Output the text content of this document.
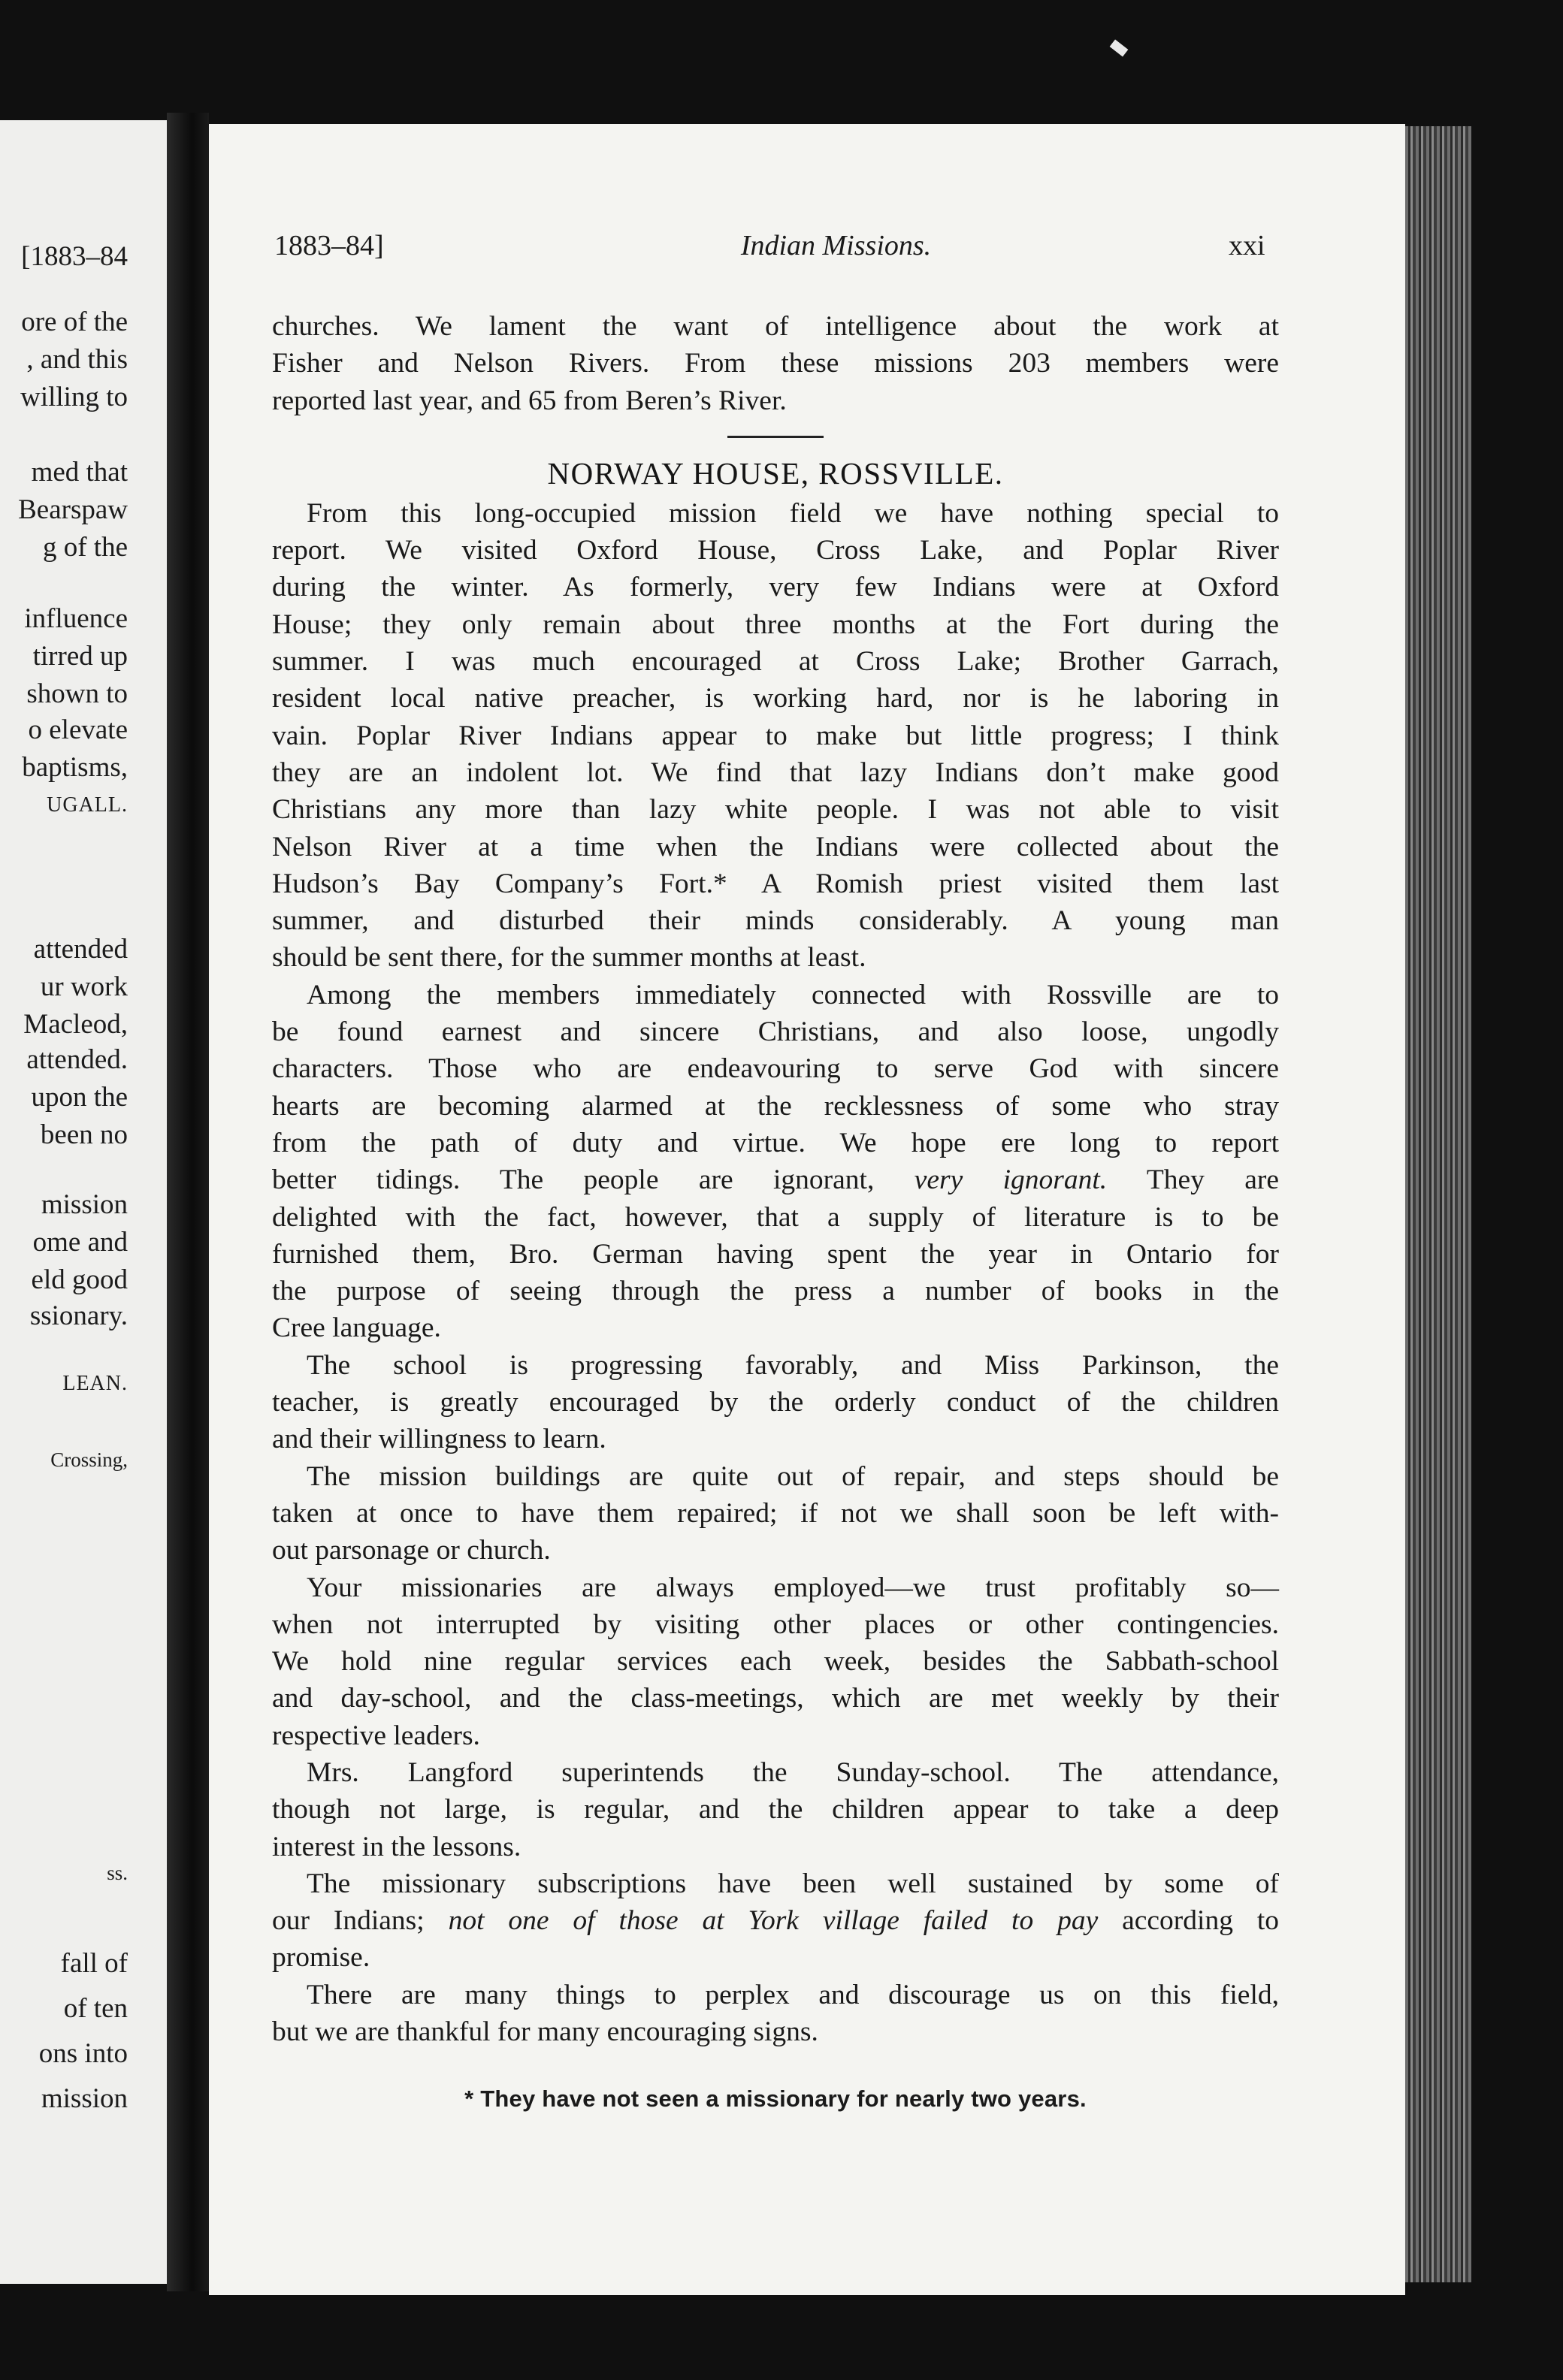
[1883–84
ore of the
, and this
willing to
med that
Bearspaw
g of the
influence
tirred up
shown to
o elevate
baptisms,
UGALL.
attended
ur work
Macleod,
attended.
upon the
been no
mission
ome and
eld good
ssionary.
LEAN.
Crossing,
ss.
fall of
of ten
ons into
mission
1883–84]	Indian Missions.	xxi
churches. We lament the want of intelligence about the work at
Fisher and Nelson Rivers. From these missions 203 members were
reported last year, and 65 from Beren’s River.
NORWAY HOUSE, ROSSVILLE.
From this long-occupied mission field we have nothing special to
report. We visited Oxford House, Cross Lake, and Poplar River
during the winter. As formerly, very few Indians were at Oxford
House; they only remain about three months at the Fort during the
summer. I was much encouraged at Cross Lake; Brother Garrach,
resident local native preacher, is working hard, nor is he laboring in
vain. Poplar River Indians appear to make but little progress; I think
they are an indolent lot. We find that lazy Indians don’t make good
Christians any more than lazy white people. I was not able to visit
Nelson River at a time when the Indians were collected about the
Hudson’s Bay Company’s Fort.* A Romish priest visited them last
summer, and disturbed their minds considerably. A young man
should be sent there, for the summer months at least.
Among the members immediately connected with Rossville are to
be found earnest and sincere Christians, and also loose, ungodly
characters. Those who are endeavouring to serve God with sincere
hearts are becoming alarmed at the recklessness of some who stray
from the path of duty and virtue. We hope ere long to report
better tidings. The people are ignorant, very ignorant. They are
delighted with the fact, however, that a supply of literature is to be
furnished them, Bro. German having spent the year in Ontario for
the purpose of seeing through the press a number of books in the
Cree language.
The school is progressing favorably, and Miss Parkinson, the
teacher, is greatly encouraged by the orderly conduct of the children
and their willingness to learn.
The mission buildings are quite out of repair, and steps should be
taken at once to have them repaired; if not we shall soon be left with-
out parsonage or church.
Your missionaries are always employed—we trust profitably so—
when not interrupted by visiting other places or other contingencies.
We hold nine regular services each week, besides the Sabbath-school
and day-school, and the class-meetings, which are met weekly by their
respective leaders.
Mrs. Langford superintends the Sunday-school. The attendance,
though not large, is regular, and the children appear to take a deep
interest in the lessons.
The missionary subscriptions have been well sustained by some of
our Indians; not one of those at York village failed to pay according to
promise.
There are many things to perplex and discourage us on this field,
but we are thankful for many encouraging signs.
* They have not seen a missionary for nearly two years.
